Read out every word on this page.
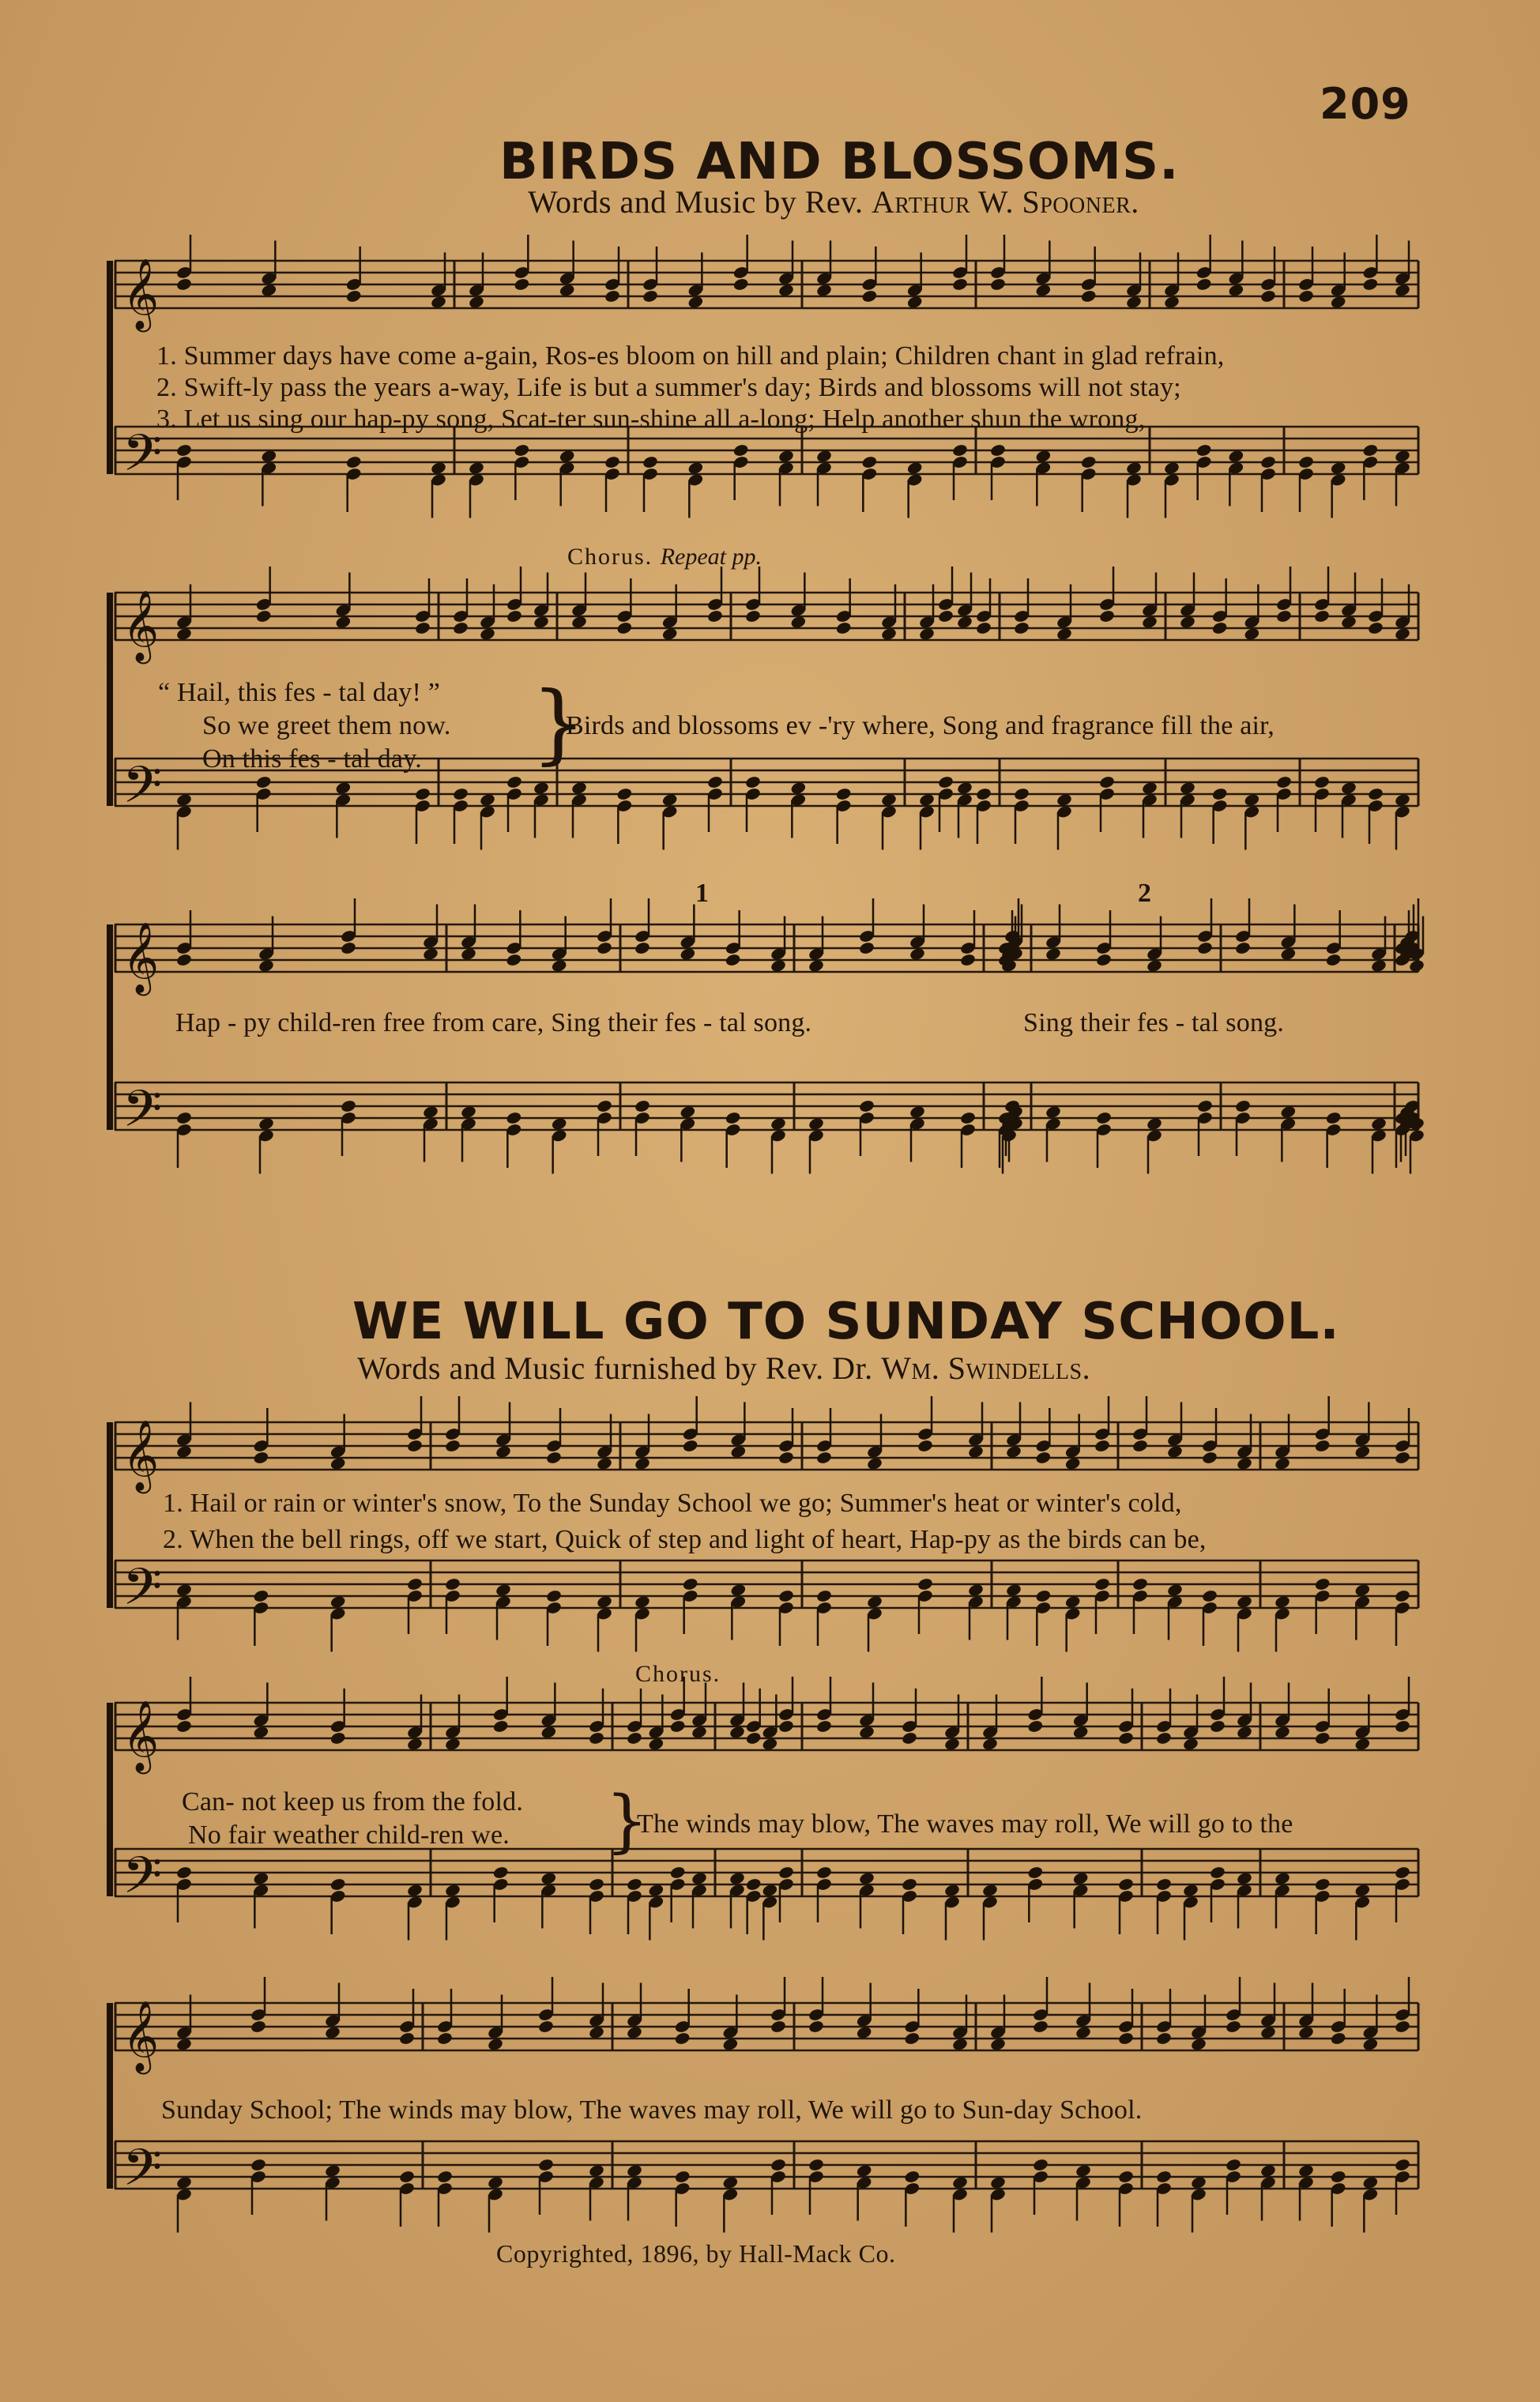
209
BIRDS AND BLOSSOMS.
Words and Music by Rev. Arthur W. Spooner.
𝄞
𝄢
1. Summer days have come a-gain, Ros-es bloom on hill and plain; Children chant in glad refrain,
2. Swift-ly pass the years a-way, Life is but a summer's day; Birds and blossoms will not stay;
3. Let us sing our hap-py song, Scat-ter sun-shine all a-long; Help another shun the wrong,
Chorus. Repeat pp.
𝄞
𝄢
“ Hail, this fes - tal day! ”
So we greet them now.
On this fes - tal day. }
Birds and blossoms ev -'ry where, Song and fragrance fill the air,
𝄞
𝄢
Hap - py child-ren free from care, Sing their fes - tal song.	Sing their fes - tal song.
1	2
WE WILL GO TO SUNDAY SCHOOL.
Words and Music furnished by Rev. Dr. Wm. Swindells.
𝄞
𝄢
1. Hail or rain or winter's snow, To the Sunday School we go; Summer's heat or winter's cold,
2. When the bell rings, off we start, Quick of step and light of heart, Hap-py as the birds can be,
Chorus.
𝄞
𝄢
Can- not keep us from the fold.
No fair weather child-ren we. }
The winds may blow, The waves may roll, We will go to the
𝄞
𝄢
Sunday School; The winds may blow, The waves may roll, We will go to Sun-day School.
Copyrighted, 1896, by Hall-Mack Co.
